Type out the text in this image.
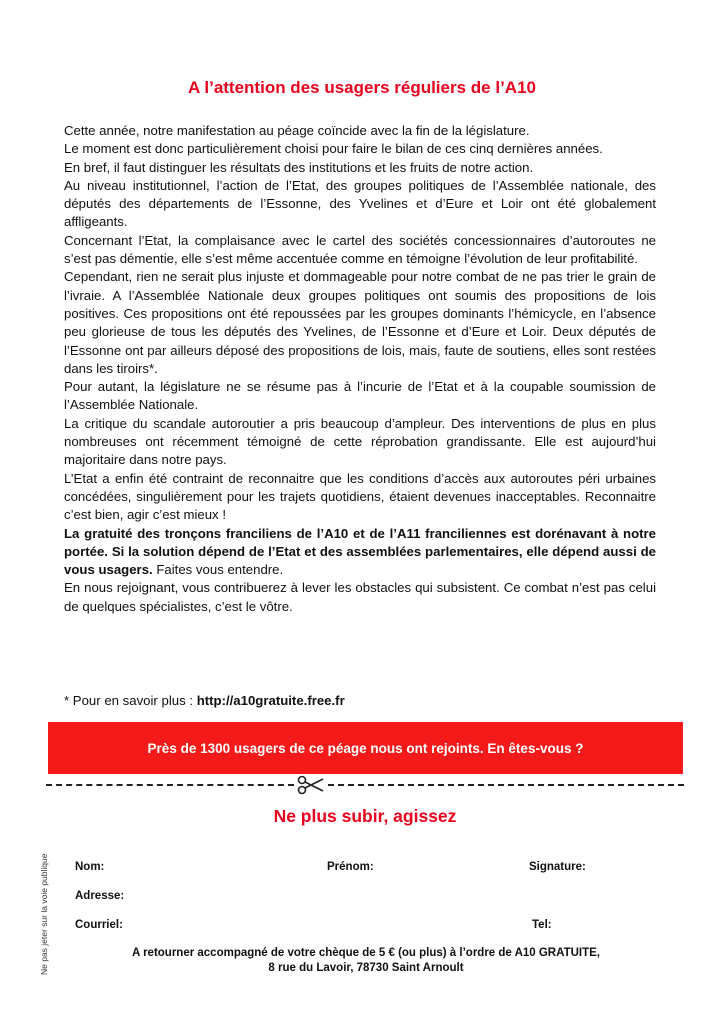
A l’attention des usagers réguliers de l’A10

Cette année, notre manifestation au péage coïncide avec la fin de la législature.

Le moment est donc particulièrement choisi pour faire le bilan de ces cinq dernières années.

En bref, il faut distinguer les résultats des institutions et les fruits de notre action.

Au niveau institutionnel, l’action de l’Etat, des groupes politiques de l’Assemblée nationale, des députés des départements de l’Essonne, des Yvelines et d’Eure et Loir ont été globalement affligeants.

Concernant l’Etat, la complaisance avec le cartel des sociétés concessionnaires d’autoroutes ne s’est pas démentie, elle s’est même accentuée comme en témoigne l’évolution de leur profitabilité.

Cependant, rien ne serait plus injuste et dommageable pour notre combat de ne pas trier le grain de l’ivraie. A l’Assemblée Nationale deux groupes politiques ont soumis des propositions de lois positives. Ces propositions ont été repoussées par les groupes dominants l’hémicycle, en l’absence peu glorieuse de tous les députés des Yvelines, de l’Essonne et d’Eure et Loir. Deux députés de l’Essonne ont par ailleurs déposé des propositions de lois, mais, faute de soutiens, elles sont restées dans les tiroirs*.

Pour autant, la législature ne se résume pas à l’incurie de l’Etat et à la coupable soumission de l’Assemblée Nationale.

La critique du scandale autoroutier a pris beaucoup d’ampleur. Des interventions de plus en plus nombreuses ont récemment témoigné de cette réprobation grandissante. Elle est aujourd’hui majoritaire dans notre pays.

L’Etat a enfin été contraint de reconnaitre que les conditions d’accès aux autoroutes péri urbaines concédées, singulièrement pour les trajets quotidiens, étaient devenues inacceptables. Reconnaitre c’est bien, agir c’est mieux !

La gratuité des tronçons franciliens de l’A10 et de l’A11 franciliennes est dorénavant à notre portée. Si la solution dépend de l’Etat et des assemblées parlementaires, elle dépend aussi de vous usagers. Faites vous entendre.

En nous rejoignant, vous contribuerez à lever les obstacles qui subsistent. Ce combat n’est pas celui de quelques spécialistes, c’est le vôtre.

* Pour en savoir plus : http://a10gratuite.free.fr
Près de 1300 usagers de ce péage nous ont rejoints. En êtes-vous ?
Ne plus subir, agissez
Ne pas jeter sur la voie publique Nom:	Prénom:	Signature:
Adresse:
Courriel:	Tel:
A retourner accompagné de votre chèque de 5 € (ou plus) à l’ordre de A10 GRATUITE,
8 rue du Lavoir, 78730 Saint Arnoult
